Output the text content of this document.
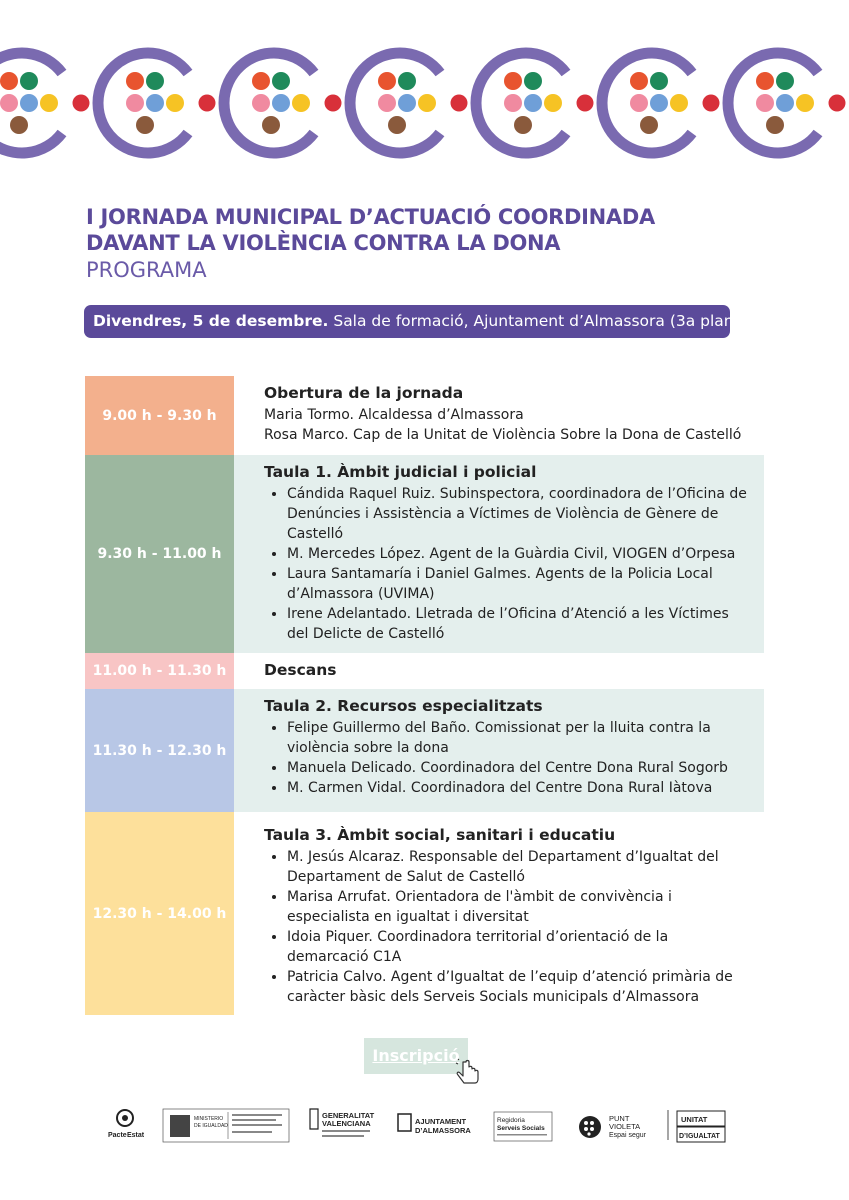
I JORNADA MUNICIPAL D’ACTUACIÓ COORDINADA
DAVANT LA VIOLÈNCIA CONTRA LA DONA
PROGRAMA
Divendres, 5 de desembre. Sala de formació, Ajuntament d’Almassora (3a planta)
9.00 h - 9.30 h
Obertura de la jornada

Maria Tormo. Alcaldessa d’Almassora

Rosa Marco. Cap de la Unitat de Violència Sobre la Dona de Castelló

9.30 h - 11.00 h
Taula 1. Àmbit judicial i policial
• Cándida Raquel Ruiz. Subinspectora, coordinadora de l’Oficina de Denúncies i Assistència a Víctimes de Violència de Gènere de Castelló
• M. Mercedes López. Agent de la Guàrdia Civil, VIOGEN d’Orpesa
• Laura Santamaría i Daniel Galmes. Agents de la Policia Local d’Almassora (UVIMA)
• Irene Adelantado. Lletrada de l’Oficina d’Atenció a les Víctimes del Delicte de Castelló
11.00 h - 11.30 h	Descans
11.30 h - 12.30 h
Taula 2. Recursos especialitzats
• Felipe Guillermo del Baño. Comissionat per la lluita contra la violència sobre la dona
• Manuela Delicado. Coordinadora del Centre Dona Rural Sogorb
• M. Carmen Vidal. Coordinadora del Centre Dona Rural Iàtova
12.30 h - 14.00 h
Taula 3. Àmbit social, sanitari i educatiu
• M. Jesús Alcaraz. Responsable del Departament d’Igualtat del Departament de Salut de Castelló
• Marisa Arrufat. Orientadora de l'àmbit de convivència i especialista en igualtat i diversitat
• Idoia Piquer. Coordinadora territorial d’orientació de la demarcació C1A
• Patricia Calvo. Agent d’Igualtat de l’equip d’atenció primària de caràcter bàsic dels Serveis Socials municipals d’Almassora
Inscripció
Pacte Estat
MINISTERIO
DE IGUALDAD
GENERALITAT
VALENCIANA	AJUNTAMENT
D’ALMASSORA
Regidoria
Serveis Socials
PUNT
VIOLETA
Espai segur
UNITAT
D’IGUALTAT
